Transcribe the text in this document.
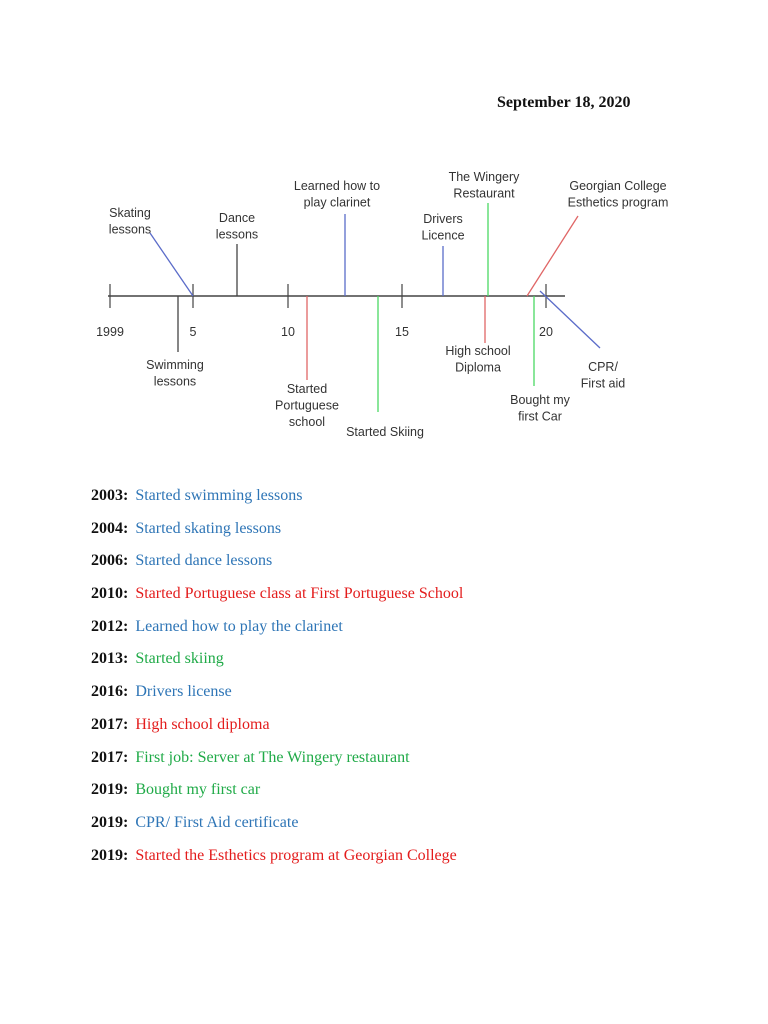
September 18, 2020
1999	5	10	15	20
Skating lessons
Swimming lessons
Dance lessons
Started Portuguese school
Learned how to play clarinet
Started Skiing
Drivers Licence
High school Diploma
The Wingery Restaurant
Bought my first Car
Georgian College Esthetics program
CPR/ First aid
2003: Started swimming lessons
2004: Started skating lessons
2006: Started dance lessons
2010: Started Portuguese class at First Portuguese School
2012: Learned how to play the clarinet
2013: Started skiing
2016: Drivers license
2017: High school diploma
2017: First job: Server at The Wingery restaurant
2019: Bought my first car
2019: CPR/ First Aid certificate
2019: Started the Esthetics program at Georgian College
